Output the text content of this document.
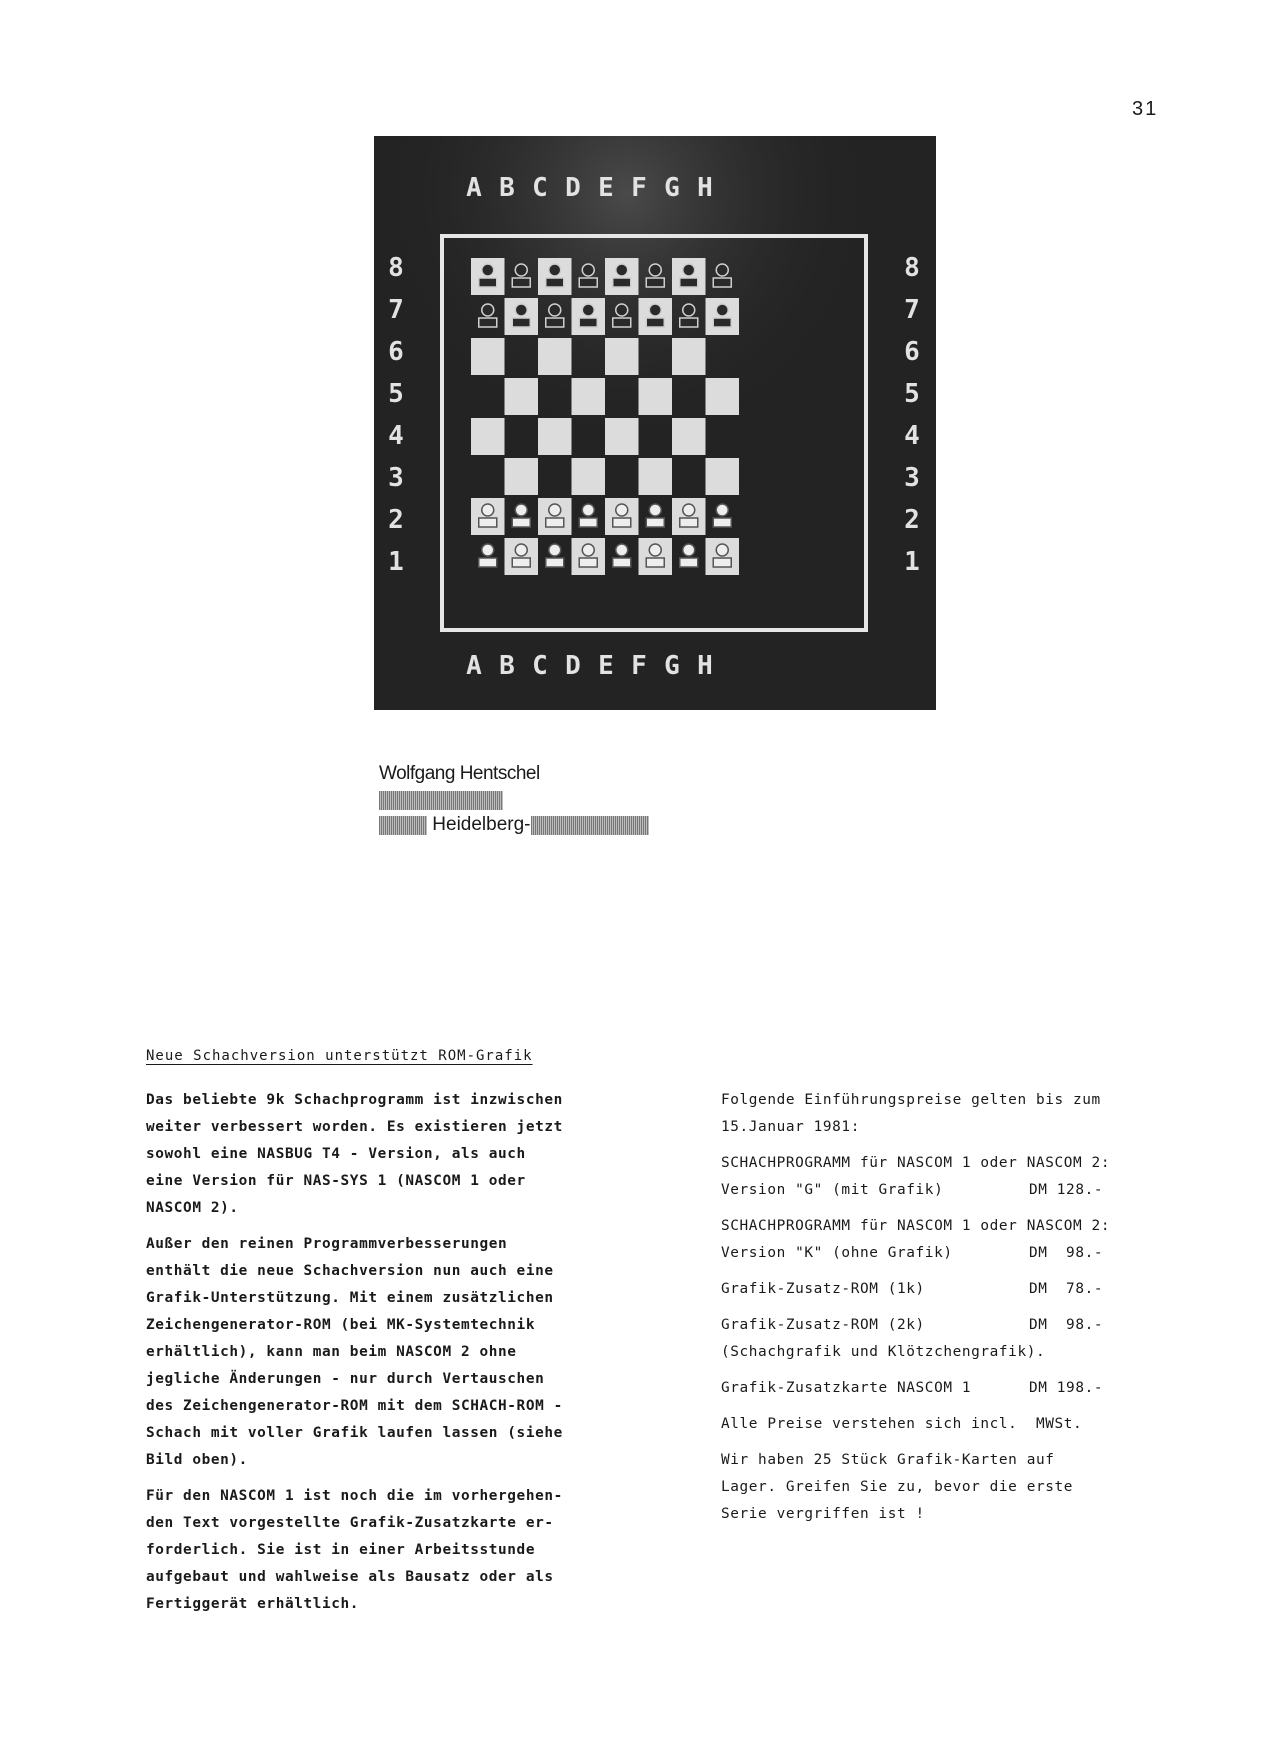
31
A B C D E F G H
A B C D E F G H
8
7
6
5
4
3
2
1
8
7
6
5
4
3
2
1
Wolfgang Hentschel
Heidelberg-
Neue Schachversion unterstützt ROM-Grafik

Das beliebte 9k Schachprogramm ist inzwischen
weiter verbessert worden. Es existieren jetzt
sowohl eine NASBUG T4 - Version, als auch
eine Version für NAS-SYS 1 (NASCOM 1 oder
NASCOM 2).

Außer den reinen Programmverbesserungen
enthält die neue Schachversion nun auch eine
Grafik-Unterstützung. Mit einem zusätzlichen
Zeichengenerator-ROM (bei MK-Systemtechnik
erhältlich), kann man beim NASCOM 2 ohne
jegliche Änderungen - nur durch Vertauschen
des Zeichengenerator-ROM mit dem SCHACH-ROM -
Schach mit voller Grafik laufen lassen (siehe
Bild oben).

Für den NASCOM 1 ist noch die im vorhergehen-
den Text vorgestellte Grafik-Zusatzkarte er-
forderlich. Sie ist in einer Arbeitsstunde
aufgebaut und wahlweise als Bausatz oder als
Fertiggerät erhältlich.

Folgende Einführungspreise gelten bis zum
15.Januar 1981:

SCHACHPROGRAMM für NASCOM 1 oder NASCOM 2:

Version "G" (mit Grafik)	DM 128.-

SCHACHPROGRAMM für NASCOM 1 oder NASCOM 2:

Version "K" (ohne Grafik)	DM  98.-

Grafik-Zusatz-ROM (1k)	DM  78.-

Grafik-Zusatz-ROM (2k)	DM  98.-
(Schachgrafik und Klötzchengrafik).

Grafik-Zusatzkarte NASCOM 1	DM 198.-

Alle Preise verstehen sich incl.  MWSt.

Wir haben 25 Stück Grafik-Karten auf
Lager. Greifen Sie zu, bevor die erste
Serie vergriffen ist !
